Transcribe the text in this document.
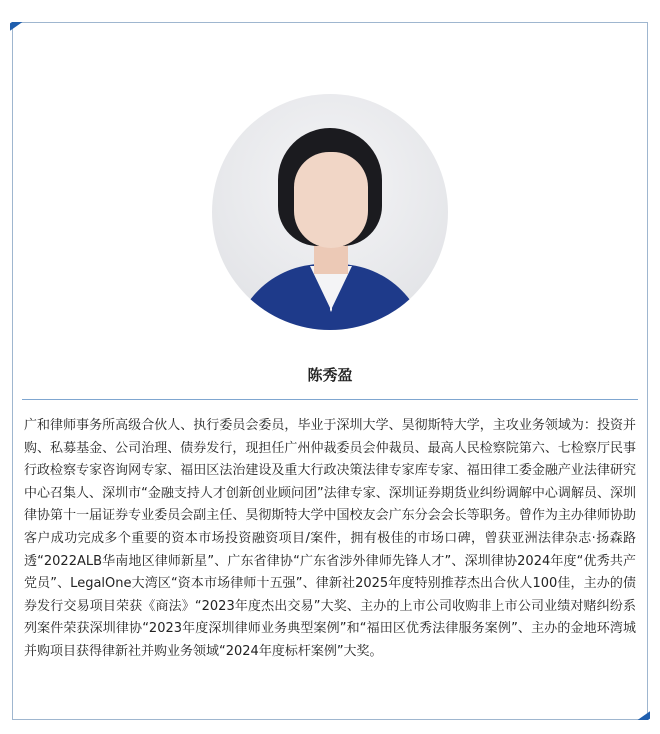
陈秀盈

广和律师事务所高级合伙人、执行委员会委员，毕业于深圳大学、昊彻斯特大学，主攻业务领域为：投资并购、私募基金、公司治理、债券发行，现担任广州仲裁委员会仲裁员、最高人民检察院第六、七检察厅民事行政检察专家咨询网专家、福田区法治建设及重大行政决策法律专家库专家、福田律工委金融产业法律研究中心召集人、深圳市“金融支持人才创新创业顾问团”法律专家、深圳证券期货业纠纷调解中心调解员、深圳律协第十一届证券专业委员会副主任、昊彻斯特大学中国校友会广东分会会长等职务。曾作为主办律师协助客户成功完成多个重要的资本市场投资融资项目/案件，拥有极佳的市场口碑，曾获亚洲法律杂志·扬森路透“2022ALB华南地区律师新星”、广东省律协“广东省涉外律师先锋人才”、深圳律协2024年度“优秀共产党员”、LegalOne大湾区“资本市场律师十五强”、律新社2025年度特别推荐杰出合伙人100佳，主办的债券发行交易项目荣获《商法》“2023年度杰出交易”大奖、主办的上市公司收购非上市公司业绩对赌纠纷系列案件荣获深圳律协“2023年度深圳律师业务典型案例”和“福田区优秀法律服务案例”、主办的金地环湾城并购项目获得律新社并购业务领域“2024年度标杆案例”大奖。
